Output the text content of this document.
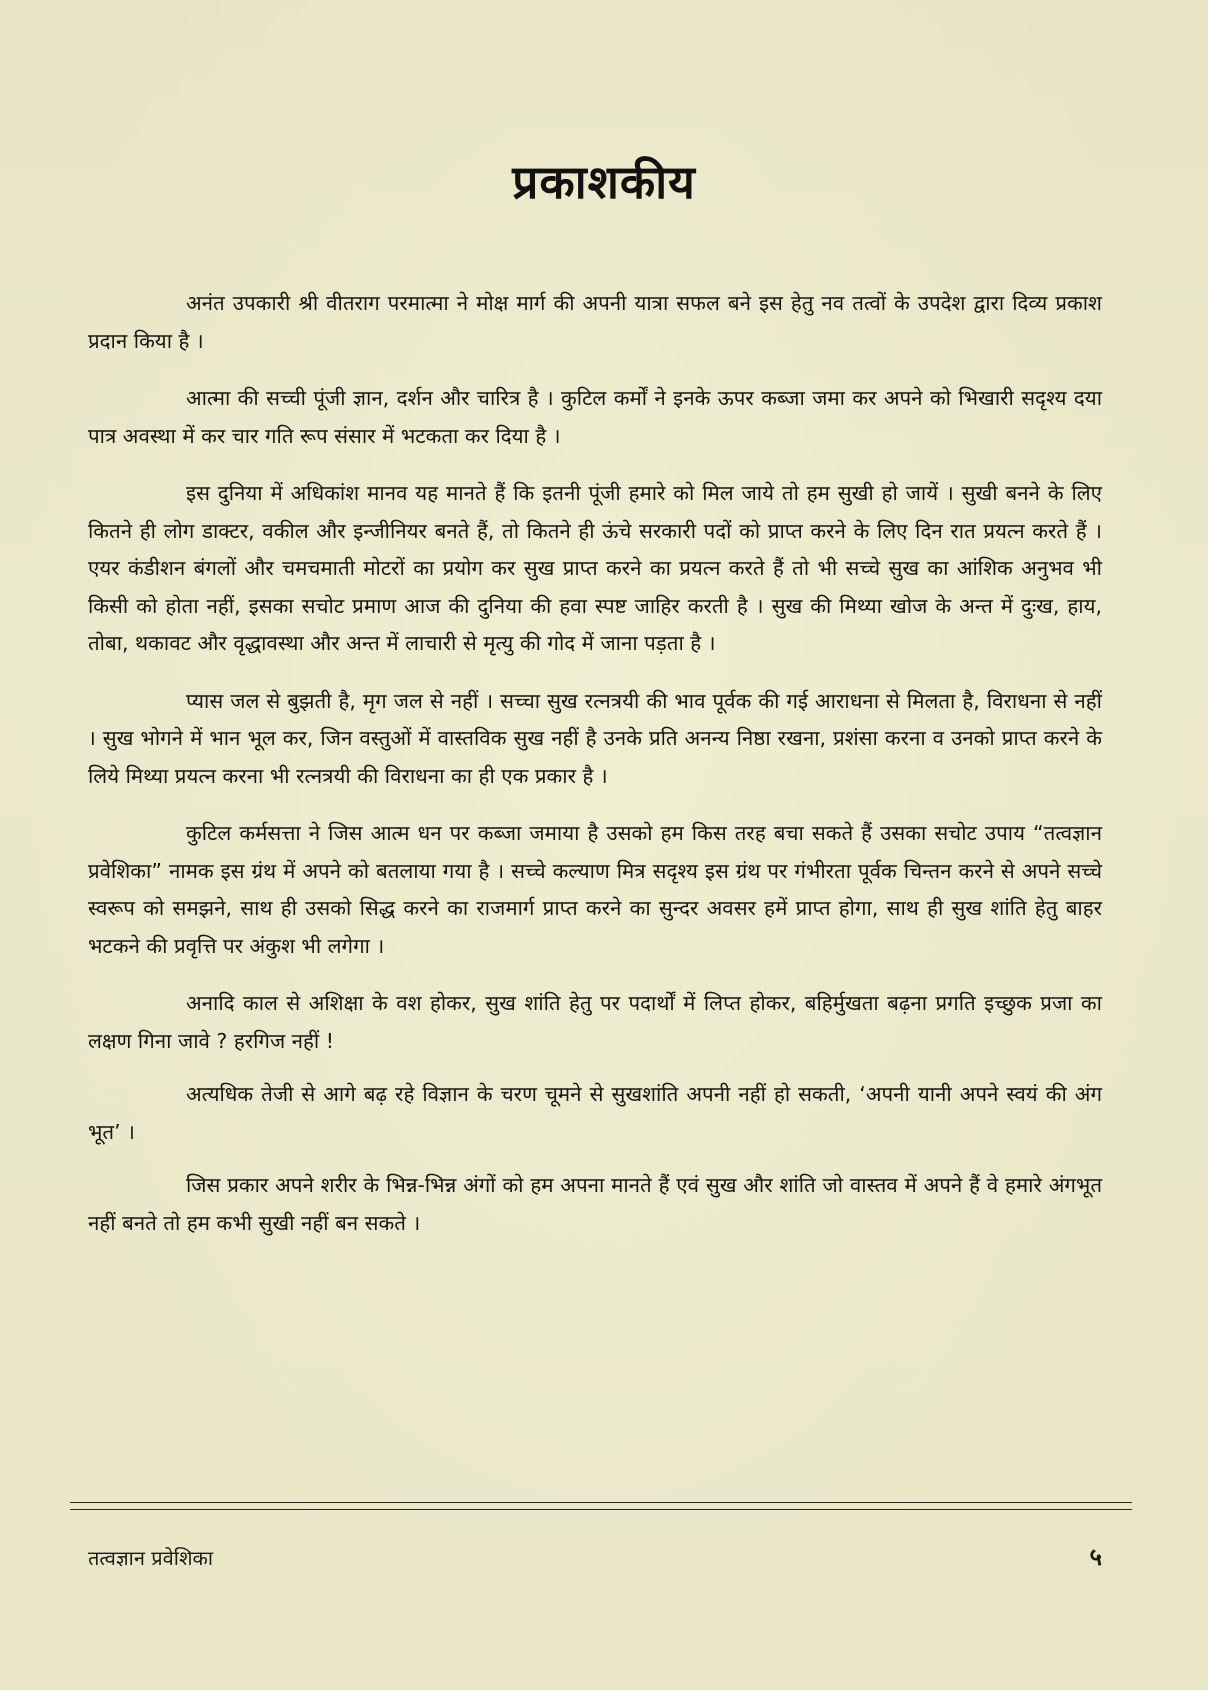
प्रकाशकीय

अनंत उपकारी श्री वीतराग परमात्मा ने मोक्ष मार्ग की अपनी यात्रा सफल बने इस हेतु नव तत्वों के उपदेश द्वारा दिव्य प्रकाश प्रदान किया है ।

आत्मा की सच्ची पूंजी ज्ञान, दर्शन और चारित्र है । कुटिल कर्मों ने इनके ऊपर कब्जा जमा कर अपने को भिखारी सदृश्य दया पात्र अवस्था में कर चार गति रूप संसार में भटकता कर दिया है ।

इस दुनिया में अधिकांश मानव यह मानते हैं कि इतनी पूंजी हमारे को मिल जाये तो हम सुखी हो जायें । सुखी बनने के लिए कितने ही लोग डाक्टर, वकील और इन्जीनियर बनते हैं, तो कितने ही ऊंचे सरकारी पदों को प्राप्त करने के लिए दिन रात प्रयत्न करते हैं । एयर कंडीशन बंगलों और चमचमाती मोटरों का प्रयोग कर सुख प्राप्त करने का प्रयत्न करते हैं तो भी सच्चे सुख का आंशिक अनुभव भी किसी को होता नहीं, इसका सचोट प्रमाण आज की दुनिया की हवा स्पष्ट जाहिर करती है । सुख की मिथ्या खोज के अन्त में दुःख, हाय, तोबा, थकावट और वृद्धावस्था और अन्त में लाचारी से मृत्यु की गोद में जाना पड़ता है ।

प्यास जल से बुझती है, मृग जल से नहीं । सच्चा सुख रत्नत्रयी की भाव पूर्वक की गई आराधना से मिलता है, विराधना से नहीं । सुख भोगने में भान भूल कर, जिन वस्तुओं में वास्तविक सुख नहीं है उनके प्रति अनन्य निष्ठा रखना, प्रशंसा करना व उनको प्राप्त करने के लिये मिथ्या प्रयत्न करना भी रत्नत्रयी की विराधना का ही एक प्रकार है ।

कुटिल कर्मसत्ता ने जिस आत्म धन पर कब्जा जमाया है उसको हम किस तरह बचा सकते हैं उसका सचोट उपाय “तत्वज्ञान प्रवेशिका” नामक इस ग्रंथ में अपने को बतलाया गया है । सच्चे कल्याण मित्र सदृश्य इस ग्रंथ पर गंभीरता पूर्वक चिन्तन करने से अपने सच्चे स्वरूप को समझने, साथ ही उसको सिद्ध करने का राजमार्ग प्राप्त करने का सुन्दर अवसर हमें प्राप्त होगा, साथ ही सुख शांति हेतु बाहर भटकने की प्रवृत्ति पर अंकुश भी लगेगा ।

अनादि काल से अशिक्षा के वश होकर, सुख शांति हेतु पर पदार्थों में लिप्त होकर, बहिर्मुखता बढ़ना प्रगति इच्छुक प्रजा का लक्षण गिना जावे ? हरगिज नहीं !

अत्यधिक तेजी से आगे बढ़ रहे विज्ञान के चरण चूमने से सुखशांति अपनी नहीं हो सकती, ‘अपनी यानी अपने स्वयं की अंग भूत’ ।

जिस प्रकार अपने शरीर के भिन्न-भिन्न अंगों को हम अपना मानते हैं एवं सुख और शांति जो वास्तव में अपने हैं वे हमारे अंगभूत नहीं बनते तो हम कभी सुखी नहीं बन सकते ।

तत्वज्ञान प्रवेशिका	५
